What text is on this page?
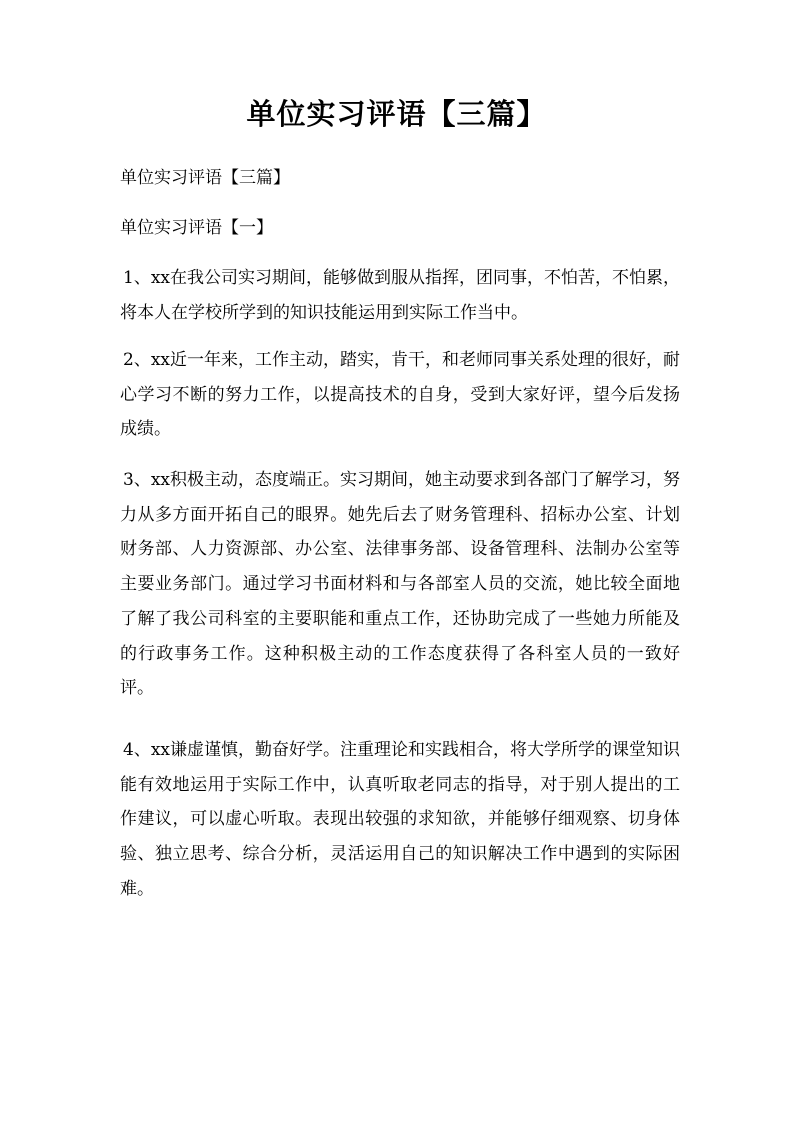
单位实习评语【三篇】
单位实习评语【三篇】
单位实习评语【一】
1、xx在我公司实习期间，能够做到服从指挥，团同事，不怕苦，不怕累，将本人在学校所学到的知识技能运用到实际工作当中。
2、xx近一年来，工作主动，踏实，肯干，和老师同事关系处理的很好，耐心学习不断的努力工作，以提高技术的自身，受到大家好评，望今后发扬成绩。
3、xx积极主动，态度端正。实习期间，她主动要求到各部门了解学习，努力从多方面开拓自己的眼界。她先后去了财务管理科、招标办公室、计划财务部、人力资源部、办公室、法律事务部、设备管理科、法制办公室等主要业务部门。通过学习书面材料和与各部室人员的交流，她比较全面地了解了我公司科室的主要职能和重点工作，还协助完成了一些她力所能及的行政事务工作。这种积极主动的工作态度获得了各科室人员的一致好评。
4、xx谦虚谨慎，勤奋好学。注重理论和实践相合，将大学所学的课堂知识能有效地运用于实际工作中，认真听取老同志的指导，对于别人提出的工作建议，可以虚心听取。表现出较强的求知欲，并能够仔细观察、切身体验、独立思考、综合分析，灵活运用自己的知识解决工作中遇到的实际困难。
